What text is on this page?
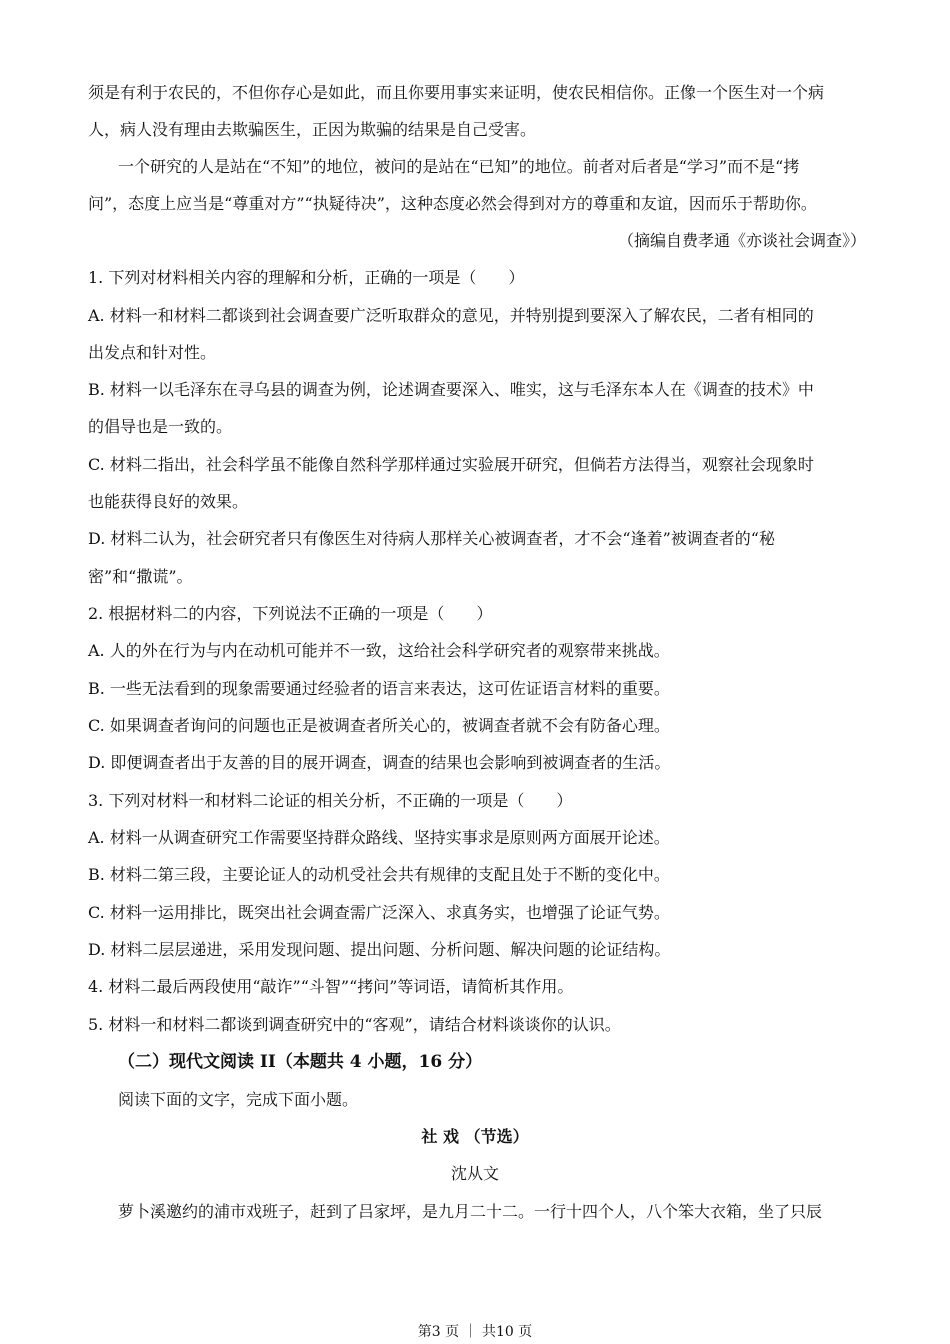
须是有利于农民的，不但你存心是如此，而且你要用事实来证明，使农民相信你。正像一个医生对一个病
人，病人没有理由去欺骗医生，正因为欺骗的结果是自己受害。
一个研究的人是站在“不知”的地位，被问的是站在“已知”的地位。前者对后者是“学习”而不是“拷
问”，态度上应当是“尊重对方”“执疑待决”，这种态度必然会得到对方的尊重和友谊，因而乐于帮助你。
（摘编自费孝通《亦谈社会调查》）
1. 下列对材料相关内容的理解和分析，正确的一项是（　　）
A. 材料一和材料二都谈到社会调查要广泛听取群众的意见，并特别提到要深入了解农民，二者有相同的
出发点和针对性。
B. 材料一以毛泽东在寻乌县的调查为例，论述调查要深入、唯实，这与毛泽东本人在《调查的技术》中
的倡导也是一致的。
C. 材料二指出，社会科学虽不能像自然科学那样通过实验展开研究，但倘若方法得当，观察社会现象时
也能获得良好的效果。
D. 材料二认为，社会研究者只有像医生对待病人那样关心被调查者，才不会“逢着”被调查者的“秘
密”和“撒谎”。
2. 根据材料二的内容，下列说法不正确的一项是（　　）
A. 人的外在行为与内在动机可能并不一致，这给社会科学研究者的观察带来挑战。
B. 一些无法看到的现象需要通过经验者的语言来表达，这可佐证语言材料的重要。
C. 如果调查者询问的问题也正是被调查者所关心的，被调查者就不会有防备心理。
D. 即便调查者出于友善的目的展开调查，调查的结果也会影响到被调查者的生活。
3. 下列对材料一和材料二论证的相关分析，不正确的一项是（　　）
A. 材料一从调查研究工作需要坚持群众路线、坚持实事求是原则两方面展开论述。
B. 材料二第三段，主要论证人的动机受社会共有规律的支配且处于不断的变化中。
C. 材料一运用排比，既突出社会调查需广泛深入、求真务实，也增强了论证气势。
D. 材料二层层递进，采用发现问题、提出问题、分析问题、解决问题的论证结构。
4. 材料二最后两段使用“敲诈”“斗智”“拷问”等词语，请简析其作用。
5. 材料一和材料二都谈到调查研究中的“客观”，请结合材料谈谈你的认识。
（二）现代文阅读 II（本题共 4 小题，16 分）
阅读下面的文字，完成下面小题。
社 戏 （节选）
沈从文
萝卜溪邀约的浦市戏班子，赶到了吕家坪，是九月二十二。一行十四个人，八个笨大衣箱，坐了只辰
第3 页 ｜ 共10 页
